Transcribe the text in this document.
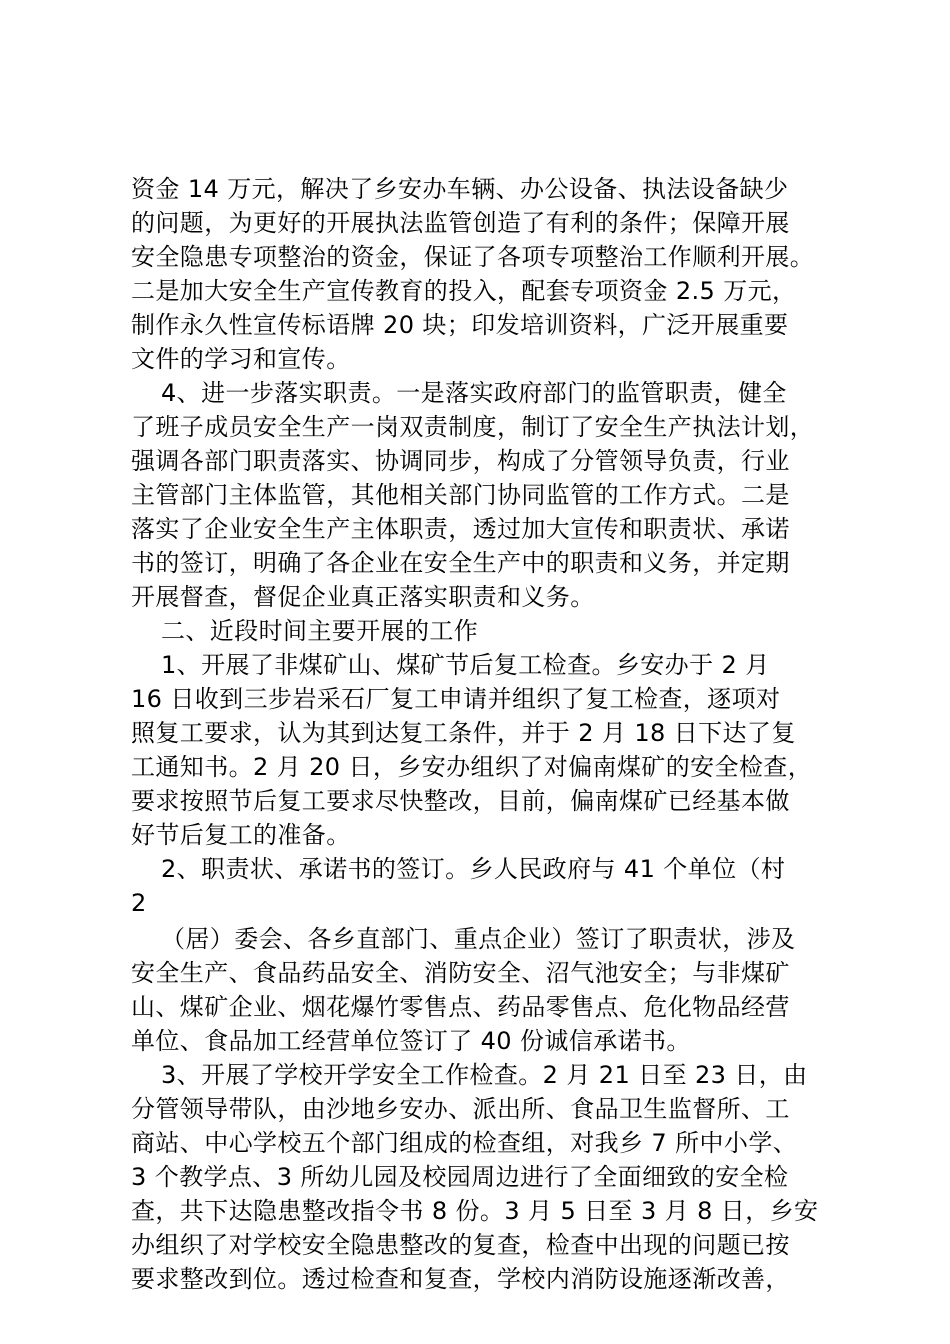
资金 14 万元，解决了乡安办车辆、办公设备、执法设备缺少
的问题，为更好的开展执法监管创造了有利的条件；保障开展
安全隐患专项整治的资金，保证了各项专项整治工作顺利开展。
二是加大安全生产宣传教育的投入，配套专项资金 2.5 万元，
制作永久性宣传标语牌 20 块；印发培训资料，广泛开展重要
文件的学习和宣传。
4、进一步落实职责。一是落实政府部门的监管职责，健全
了班子成员安全生产一岗双责制度，制订了安全生产执法计划，
强调各部门职责落实、协调同步，构成了分管领导负责，行业
主管部门主体监管，其他相关部门协同监管的工作方式。二是
落实了企业安全生产主体职责，透过加大宣传和职责状、承诺
书的签订，明确了各企业在安全生产中的职责和义务，并定期
开展督查，督促企业真正落实职责和义务。
二、近段时间主要开展的工作
1、开展了非煤矿山、煤矿节后复工检查。乡安办于 2 月
16 日收到三步岩采石厂复工申请并组织了复工检查，逐项对
照复工要求，认为其到达复工条件，并于 2 月 18 日下达了复
工通知书。2 月 20 日，乡安办组织了对偏南煤矿的安全检查，
要求按照节后复工要求尽快整改，目前，偏南煤矿已经基本做
好节后复工的准备。
2、职责状、承诺书的签订。乡人民政府与 41 个单位（村
2
（居）委会、各乡直部门、重点企业）签订了职责状，涉及
安全生产、食品药品安全、消防安全、沼气池安全；与非煤矿
山、煤矿企业、烟花爆竹零售点、药品零售点、危化物品经营
单位、食品加工经营单位签订了 40 份诚信承诺书。
3、开展了学校开学安全工作检查。2 月 21 日至 23 日，由
分管领导带队，由沙地乡安办、派出所、食品卫生监督所、工
商站、中心学校五个部门组成的检查组，对我乡 7 所中小学、
3 个教学点、3 所幼儿园及校园周边进行了全面细致的安全检
查，共下达隐患整改指令书 8 份。3 月 5 日至 3 月 8 日，乡安
办组织了对学校安全隐患整改的复查，检查中出现的问题已按
要求整改到位。透过检查和复查，学校内消防设施逐渐改善，
